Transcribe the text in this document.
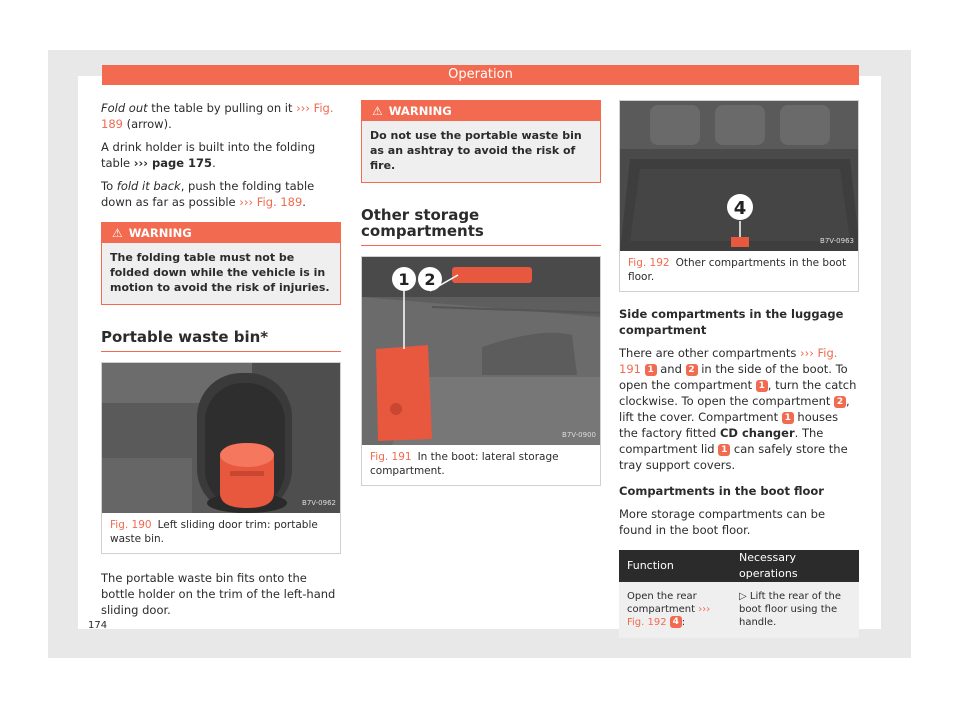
Operation

Fold out the table by pulling on it ››› Fig. 189 (arrow).

A drink holder is built into the folding table ››› page 175.

To fold it back, push the folding table down as far as possible ››› Fig. 189.

⚠ WARNING
The folding table must not be folded down while the vehicle is in motion to avoid the risk of injuries.
Portable waste bin*
B7V-0962
Fig. 190 Left sliding door trim: portable waste bin.

The portable waste bin fits onto the bottle holder on the trim of the left-hand sliding door.

⚠ WARNING
Do not use the portable waste bin as an ashtray to avoid the risk of fire.
Other storage compartments
1 2
B7V-0900
Fig. 191 In the boot: lateral storage compartment.
4
B7V-0963
Fig. 192 Other compartments in the boot floor.

Side compartments in the luggage compartment

There are other compartments ››› Fig. 191 1 and 2 in the side of the boot. To open the compartment 1 , turn the catch clockwise. To open the compartment 2 , lift the cover. Compartment 1 houses the factory fitted CD changer. The compartment lid 1 can safely store the tray support covers.

Compartments in the boot floor

More storage compartments can be found in the boot floor.

Function	Necessary operations
Open the rear compartment ››› Fig. 192 4 :	▷ Lift the rear of the boot floor using the handle.
174
